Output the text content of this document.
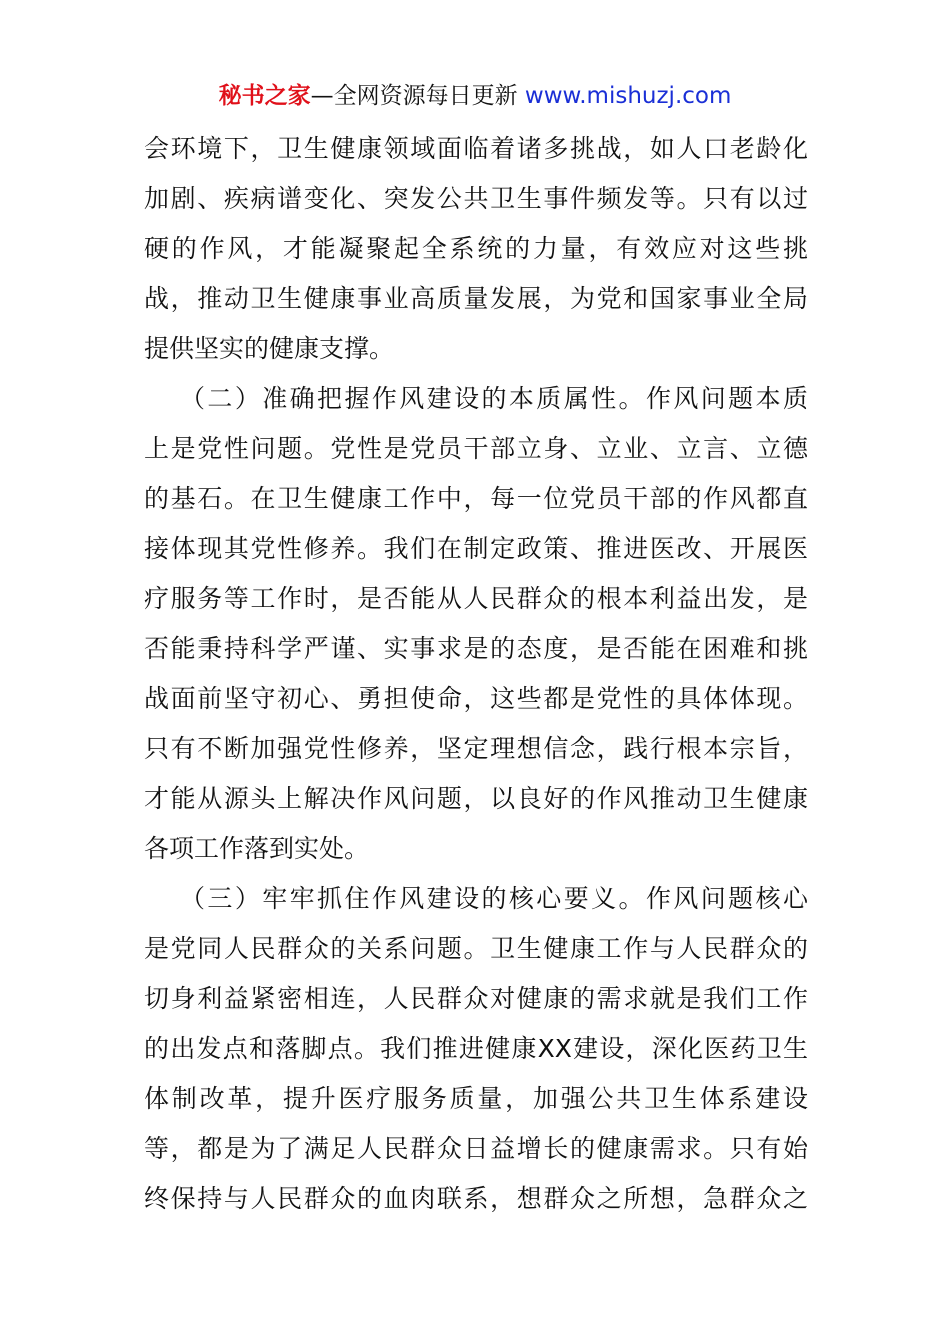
秘书之家—全网资源每日更新 www.mishuzj.com
会环境下，卫生健康领域面临着诸多挑战，如人口老龄化
加剧、疾病谱变化、突发公共卫生事件频发等。只有以过
硬的作风，才能凝聚起全系统的力量，有效应对这些挑
战，推动卫生健康事业高质量发展，为党和国家事业全局
提供坚实的健康支撑。
（二）准确把握作风建设的本质属性。作风问题本质
上是党性问题。党性是党员干部立身、立业、立言、立德
的基石。在卫生健康工作中，每一位党员干部的作风都直
接体现其党性修养。我们在制定政策、推进医改、开展医
疗服务等工作时，是否能从人民群众的根本利益出发，是
否能秉持科学严谨、实事求是的态度，是否能在困难和挑
战面前坚守初心、勇担使命，这些都是党性的具体体现。
只有不断加强党性修养，坚定理想信念，践行根本宗旨，
才能从源头上解决作风问题，以良好的作风推动卫生健康
各项工作落到实处。
（三）牢牢抓住作风建设的核心要义。作风问题核心
是党同人民群众的关系问题。卫生健康工作与人民群众的
切身利益紧密相连，人民群众对健康的需求就是我们工作
的出发点和落脚点。我们推进健康XX建设，深化医药卫生
体制改革，提升医疗服务质量，加强公共卫生体系建设
等，都是为了满足人民群众日益增长的健康需求。只有始
终保持与人民群众的血肉联系，想群众之所想，急群众之
